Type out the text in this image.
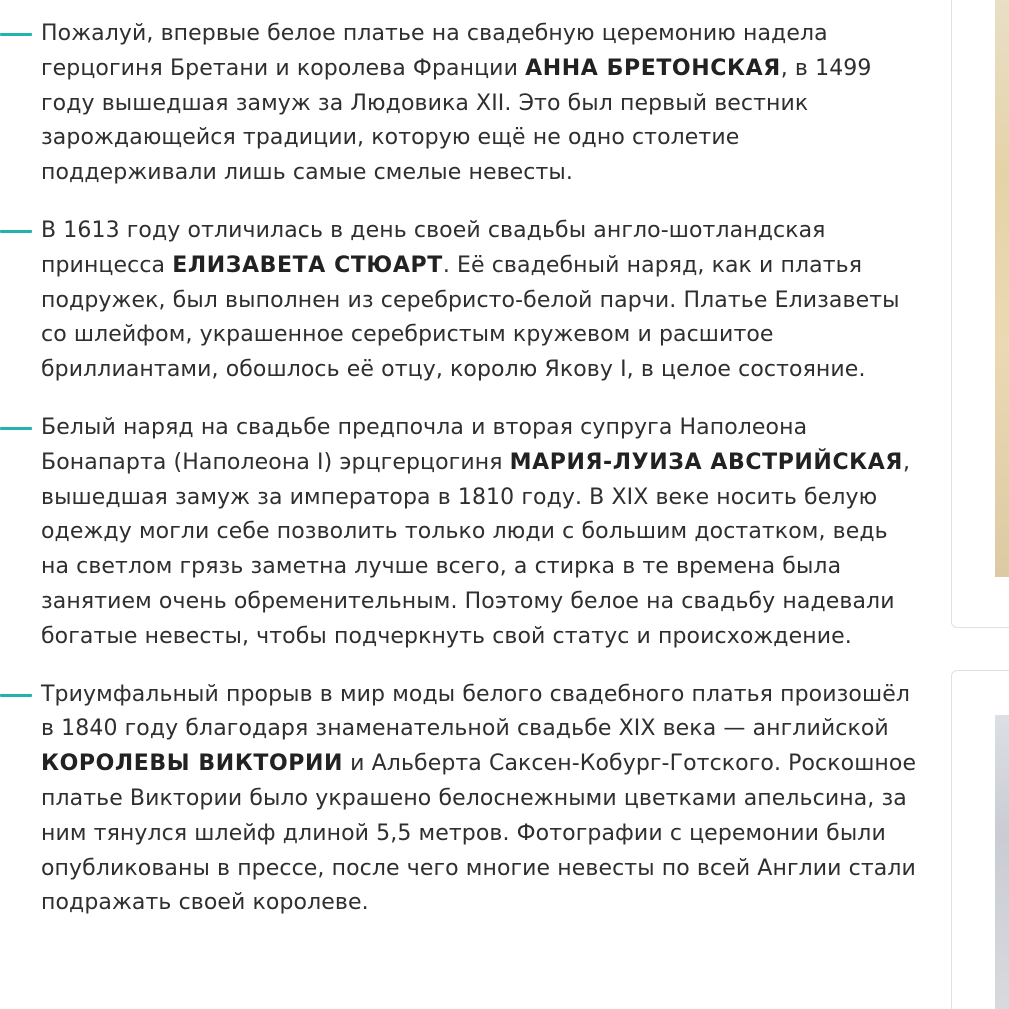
Пожалуй, впервые белое платье на свадебную церемонию надела герцогиня Бретани и королева Франции АННА БРЕТОНСКАЯ, в 1499 году вышедшая замуж за Людовика XII. Это был первый вестник зарождающейся традиции, которую ещё не одно столетие поддерживали лишь самые смелые невесты.

В 1613 году отличилась в день своей свадьбы англо-шотландская принцесса ЕЛИЗАВЕТА СТЮАРТ. Её свадебный наряд, как и платья подружек, был выполнен из серебристо-белой парчи. Платье Елизаветы со шлейфом, украшенное серебристым кружевом и расшитое бриллиантами, обошлось её отцу, королю Якову I, в целое состояние.

Белый наряд на свадьбе предпочла и вторая супруга Наполеона Бонапарта (Наполеона I) эрцгерцогиня МАРИЯ-ЛУИЗА АВСТРИЙСКАЯ, вышедшая замуж за императора в 1810 году. В XIX веке носить белую одежду могли себе позволить только люди с большим достатком, ведь на светлом грязь заметна лучше всего, а стирка в те времена была занятием очень обременительным. Поэтому белое на свадьбу надевали богатые невесты, чтобы подчеркнуть свой статус и происхождение.

Триумфальный прорыв в мир моды белого свадебного платья произошёл в 1840 году благодаря знаменательной свадьбе XIX века — английской КОРОЛЕВЫ ВИКТОРИИ и Альберта Саксен-Кобург-Готского. Роскошное платье Виктории было украшено белоснежными цветками апельсина, за ним тянулся шлейф длиной 5,5 метров. Фотографии с церемонии были опубликованы в прессе, после чего многие невесты по всей Англии стали подражать своей королеве.
